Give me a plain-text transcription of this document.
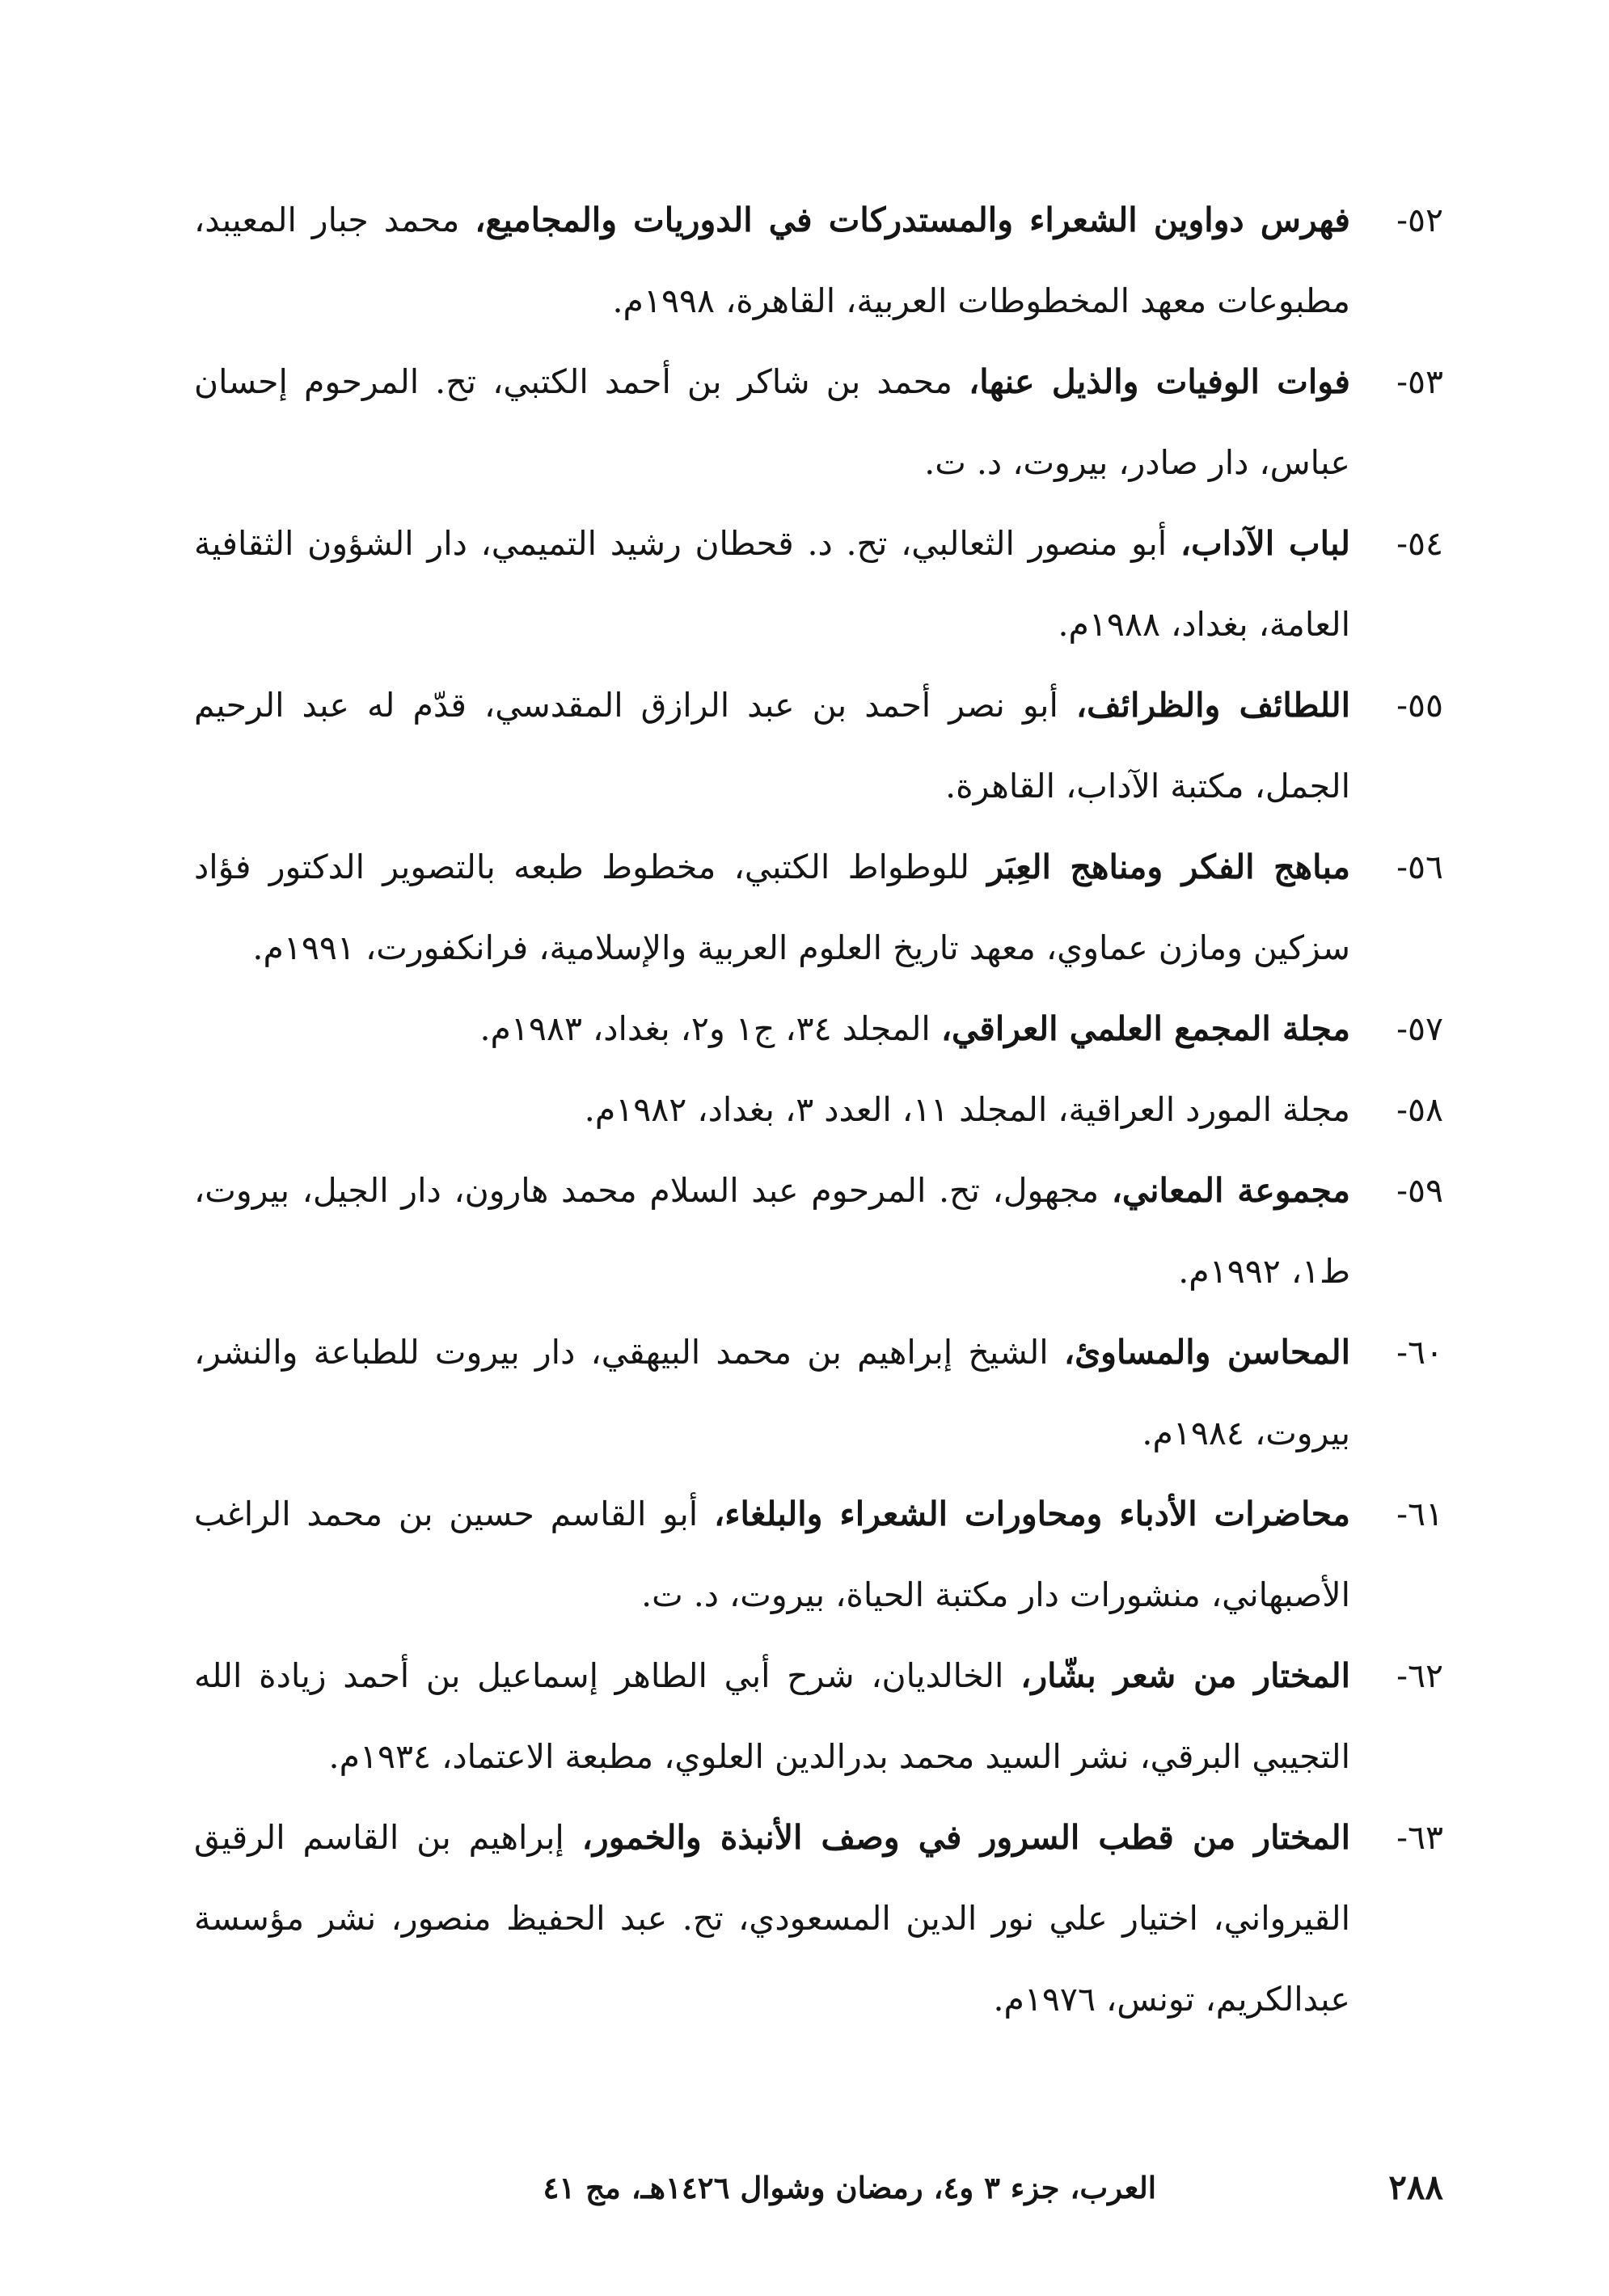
٥٢-
فهرس دواوين الشعراء والمستدركات في الدوريات والمجاميع، محمد جبار المعيبد، مطبوعات معهد المخطوطات العربية، القاهرة، ١٩٩٨م.

٥٣-
فوات الوفيات والذيل عنها، محمد بن شاكر بن أحمد الكتبي، تح. المرحوم إحسان عباس، دار صادر، بيروت، د. ت.

٥٤-
لباب الآداب، أبو منصور الثعالبي، تح. د. قحطان رشيد التميمي، دار الشؤون الثقافية العامة، بغداد، ١٩٨٨م.

٥٥-
اللطائف والظرائف، أبو نصر أحمد بن عبد الرازق المقدسي، قدّم له عبد الرحيم الجمل، مكتبة الآداب، القاهرة.

٥٦-
مباهج الفكر ومناهج العِبَر للوطواط الكتبي، مخطوط طبعه بالتصوير الدكتور فؤاد سزكين ومازن عماوي، معهد تاريخ العلوم العربية والإسلامية، فرانكفورت، ١٩٩١م.

٥٧-
مجلة المجمع العلمي العراقي، المجلد ٣٤، ج١ و٢، بغداد، ١٩٨٣م.

٥٨-
مجلة المورد العراقية، المجلد ١١، العدد ٣، بغداد، ١٩٨٢م.

٥٩-
مجموعة المعاني، مجهول، تح. المرحوم عبد السلام محمد هارون، دار الجيل، بيروت، ط١، ١٩٩٢م.

٦٠-
المحاسن والمساوئ، الشيخ إبراهيم بن محمد البيهقي، دار بيروت للطباعة والنشر، بيروت، ١٩٨٤م.

٦١-
محاضرات الأدباء ومحاورات الشعراء والبلغاء، أبو القاسم حسين بن محمد الراغب الأصبهاني، منشورات دار مكتبة الحياة، بيروت، د. ت.

٦٢-
المختار من شعر بشّار، الخالديان، شرح أبي الطاهر إسماعيل بن أحمد زيادة الله التجيبي البرقي، نشر السيد محمد بدرالدين العلوي، مطبعة الاعتماد، ١٩٣٤م.

٦٣-
المختار من قطب السرور في وصف الأنبذة والخمور، إبراهيم بن القاسم الرقيق القيرواني، اختيار علي نور الدين المسعودي، تح. عبد الحفيظ منصور، نشر مؤسسة عبدالكريم، تونس، ١٩٧٦م.

٢٨٨
العرب، جزء ٣ و٤، رمضان وشوال ١٤٢٦هـ، مج ٤١
